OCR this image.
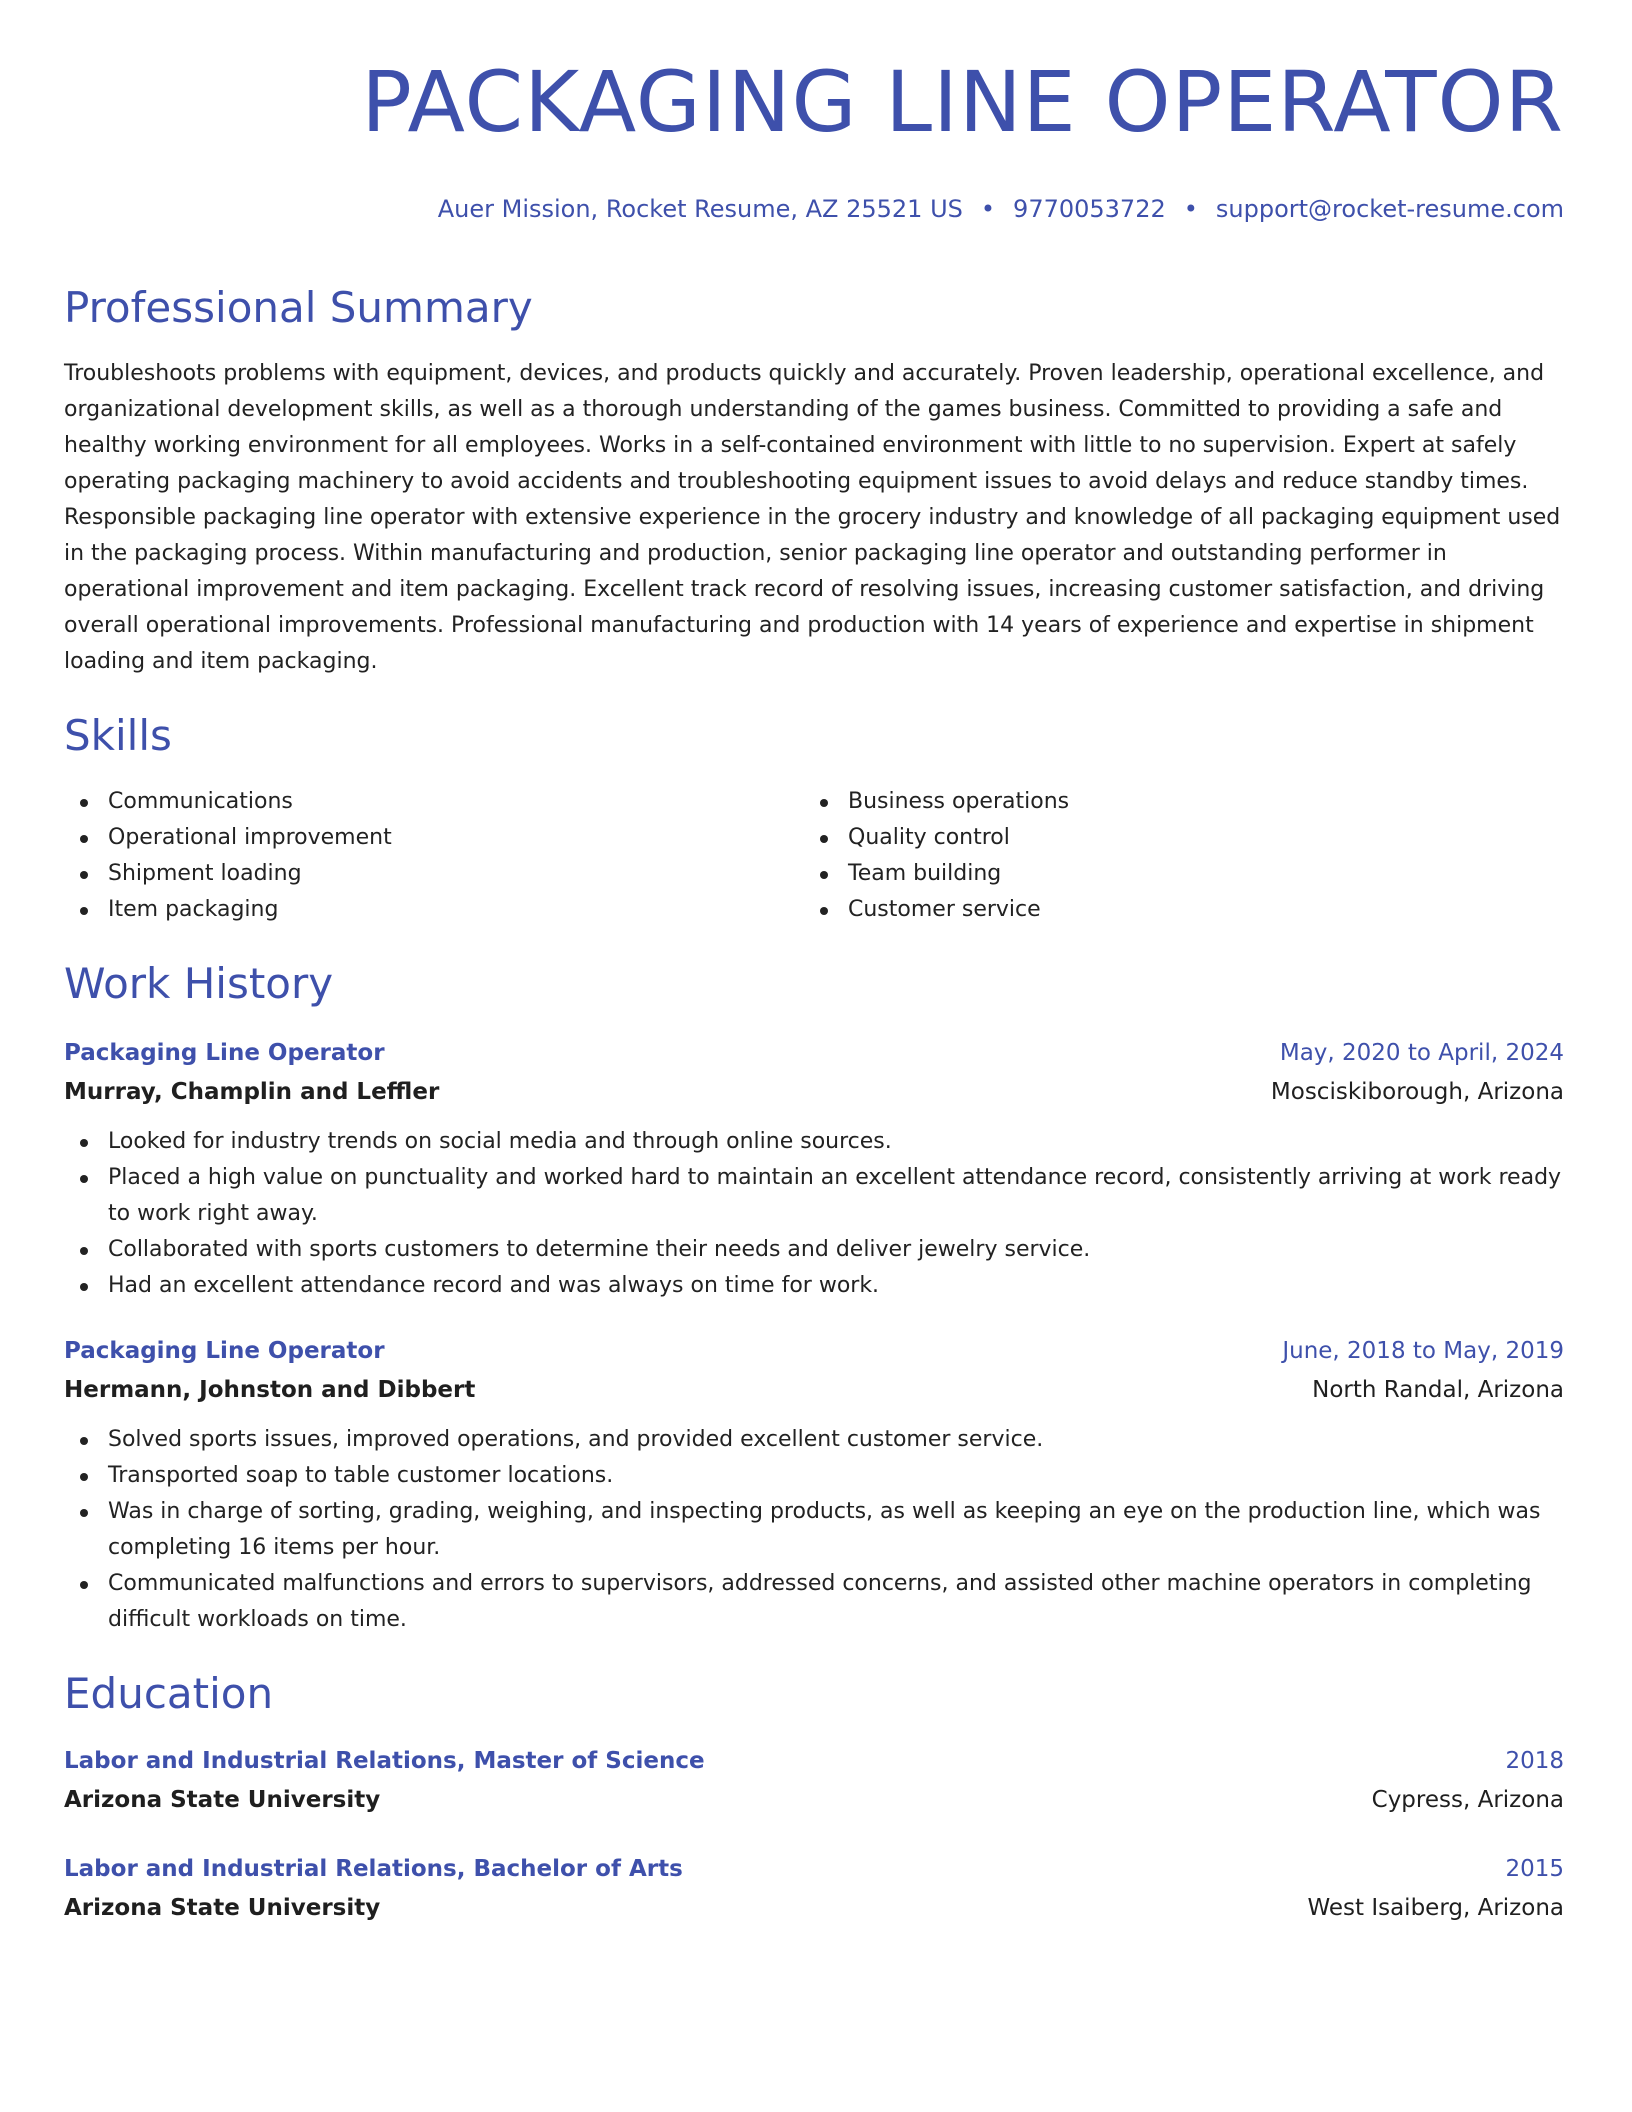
PACKAGING LINE OPERATOR
Auer Mission, Rocket Resume, AZ 25521 US • 9770053722 • support@rocket-resume.com
Professional Summary

Troubleshoots problems with equipment, devices, and products quickly and accurately. Proven leadership, operational excellence, and organizational development skills, as well as a thorough understanding of the games business. Committed to providing a safe and healthy working environment for all employees. Works in a self-contained environment with little to no supervision. Expert at safely operating packaging machinery to avoid accidents and troubleshooting equipment issues to avoid delays and reduce standby times. Responsible packaging line operator with extensive experience in the grocery industry and knowledge of all packaging equipment used in the packaging process. Within manufacturing and production, senior packaging line operator and outstanding performer in operational improvement and item packaging. Excellent track record of resolving issues, increasing customer satisfaction, and driving overall operational improvements. Professional manufacturing and production with 14 years of experience and expertise in shipment loading and item packaging.

Skills
Communications
Operational improvement
Shipment loading
Item packaging
Business operations
Quality control
Team building
Customer service
Work History
Packaging Line Operator	May, 2020 to April, 2024
Murray, Champlin and Leffler	Mosciskiborough, Arizona
Looked for industry trends on social media and through online sources.
Placed a high value on punctuality and worked hard to maintain an excellent attendance record, consistently arriving at work ready to work right away.
Collaborated with sports customers to determine their needs and deliver jewelry service.
Had an excellent attendance record and was always on time for work.
Packaging Line Operator	June, 2018 to May, 2019
Hermann, Johnston and Dibbert	North Randal, Arizona
Solved sports issues, improved operations, and provided excellent customer service.
Transported soap to table customer locations.
Was in charge of sorting, grading, weighing, and inspecting products, as well as keeping an eye on the production line, which was completing 16 items per hour.
Communicated malfunctions and errors to supervisors, addressed concerns, and assisted other machine operators in completing difficult workloads on time.
Education
Labor and Industrial Relations, Master of Science	2018
Arizona State University	Cypress, Arizona
Labor and Industrial Relations, Bachelor of Arts	2015
Arizona State University	West Isaiberg, Arizona
